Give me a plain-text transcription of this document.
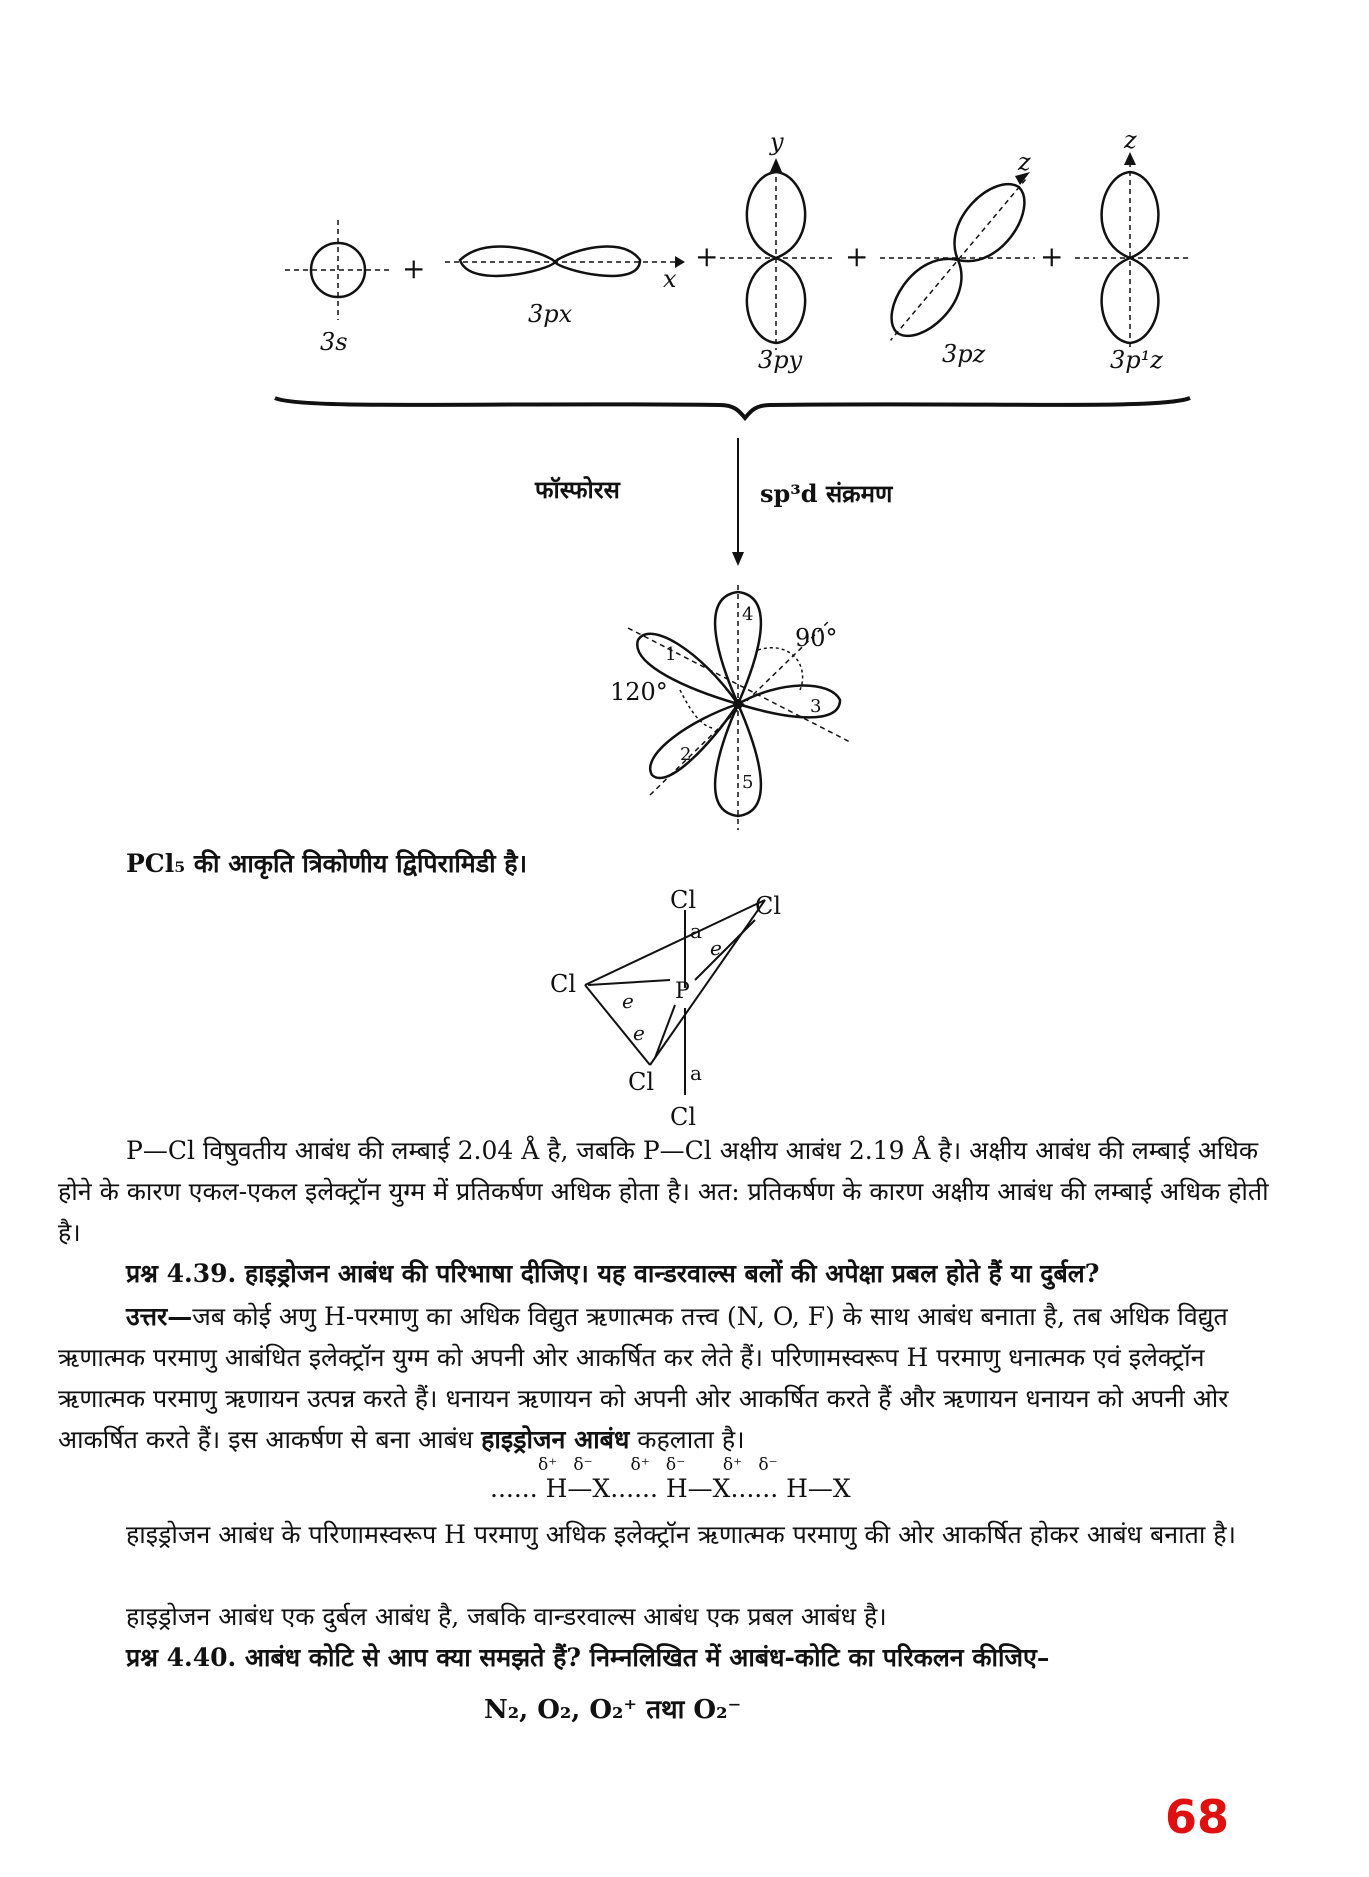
3s
3px
3py	3pz	3p¹z
x
y
z
z
+	+	+	+
फॉस्फोरस	sp³d संक्रमण
90°
120°
1
2
3
4
5
PCl₅ की आकृति त्रिकोणीय द्विपिरामिडी है।
Cl Cl
Cl
Cl
Cl
P
a
a
e
e
e
P—Cl विषुवतीय आबंध की लम्बाई 2.04 Å है, जबकि P—Cl अक्षीय आबंध 2.19 Å है। अक्षीय आबंध की लम्बाई अधिक होने के कारण एकल-एकल इलेक्ट्रॉन युग्म में प्रतिकर्षण अधिक होता है। अत: प्रतिकर्षण के कारण अक्षीय आबंध की लम्बाई अधिक होती है।
प्रश्न 4.39. हाइड्रोजन आबंध की परिभाषा दीजिए। यह वान्डरवाल्स बलों की अपेक्षा प्रबल होते हैं या दुर्बल?
उत्तर—जब कोई अणु H-परमाणु का अधिक विद्युत ऋणात्मक तत्त्व (N, O, F) के साथ आबंध बनाता है, तब अधिक विद्युत ऋणात्मक परमाणु आबंधित इलेक्ट्रॉन युग्म को अपनी ओर आकर्षित कर लेते हैं। परिणामस्वरूप H परमाणु धनात्मक एवं इलेक्ट्रॉन ऋणात्मक परमाणु ऋणायन उत्पन्न करते हैं। धनायन ऋणायन को अपनी ओर आकर्षित करते हैं और ऋणायन धनायन को अपनी ओर आकर्षित करते हैं। इस आकर्षण से बना आबंध हाइड्रोजन आबंध कहलाता है।
δ⁺   δ⁻       δ⁺   δ⁻       δ⁺   δ⁻
...... H—X...... H—X...... H—X
हाइड्रोजन आबंध के परिणामस्वरूप H परमाणु अधिक इलेक्ट्रॉन ऋणात्मक परमाणु की ओर आकर्षित होकर आबंध बनाता है।
हाइड्रोजन आबंध एक दुर्बल आबंध है, जबकि वान्डरवाल्स आबंध एक प्रबल आबंध है।
प्रश्न 4.40. आबंध कोटि से आप क्या समझते हैं? निम्नलिखित में आबंध-कोटि का परिकलन कीजिए–
N₂, O₂, O₂⁺ तथा O₂⁻
68
